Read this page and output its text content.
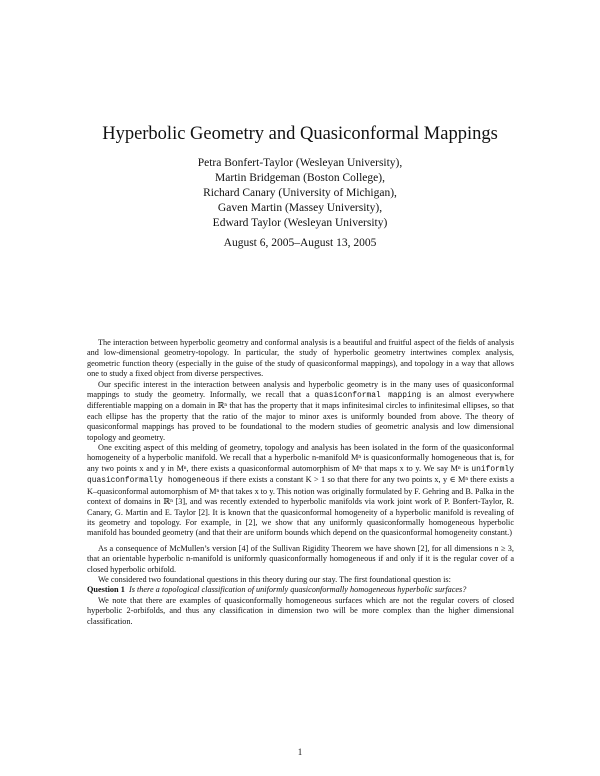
Hyperbolic Geometry and Quasiconformal Mappings
Petra Bonfert-Taylor (Wesleyan University),
Martin Bridgeman (Boston College),
Richard Canary (University of Michigan),
Gaven Martin (Massey University),
Edward Taylor (Wesleyan University)
August 6, 2005–August 13, 2005

The interaction between hyperbolic geometry and conformal analysis is a beautiful and fruitful aspect of the fields of analysis and low-dimensional geometry-topology. In particular, the study of hyperbolic geometry intertwines complex analysis, geometric function theory (especially in the guise of the study of quasiconformal mappings), and topology in a way that allows one to study a fixed object from diverse perspectives.

Our specific interest in the interaction between analysis and hyperbolic geometry is in the many uses of quasiconformal mappings to study the geometry. Informally, we recall that a quasiconformal mapping is an almost everywhere differentiable mapping on a domain in ℝⁿ that has the property that it maps infinitesimal circles to infinitesimal ellipses, so that each ellipse has the property that the ratio of the major to minor axes is uniformly bounded from above. The theory of quasiconformal mappings has proved to be foundational to the modern studies of geometric analysis and low dimensional topology and geometry.

One exciting aspect of this melding of geometry, topology and analysis has been isolated in the form of the quasiconformal homogeneity of a hyperbolic manifold. We recall that a hyperbolic n-manifold Mⁿ is quasiconformally homogeneous that is, for any two points x and y in Mⁿ, there exists a quasiconformal automorphism of Mⁿ that maps x to y. We say Mⁿ is uniformly quasiconformally homogeneous if there exists a constant K > 1 so that there for any two points x, y ∈ Mⁿ there exists a K–quasiconformal automorphism of Mⁿ that takes x to y. This notion was originally formulated by F. Gehring and B. Palka in the context of domains in ℝⁿ [3], and was recently extended to hyperbolic manifolds via work joint work of P. Bonfert-Taylor, R. Canary, G. Martin and E. Taylor [2]. It is known that the quasiconformal homogeneity of a hyperbolic manifold is revealing of its geometry and topology. For example, in [2], we show that any uniformly quasiconformally homogeneous hyperbolic manifold has bounded geometry (and that their are uniform bounds which depend on the quasiconformal homogeneity constant.)

As a consequence of McMullen’s version [4] of the Sullivan Rigidity Theorem we have shown [2], for all dimensions n ≥ 3, that an orientable hyperbolic n-manifold is uniformly quasiconformally homogeneous if and only if it is the regular cover of a closed hyperbolic orbifold.

We considered two foundational questions in this theory during our stay. The first foundational question is:

Question 1 Is there a topological classification of uniformly quasiconformally homogeneous hyperbolic surfaces?

We note that there are examples of quasiconformally homogeneous surfaces which are not the regular covers of closed hyperbolic 2-orbifolds, and thus any classification in dimension two will be more complex than the higher dimensional classification.

1
